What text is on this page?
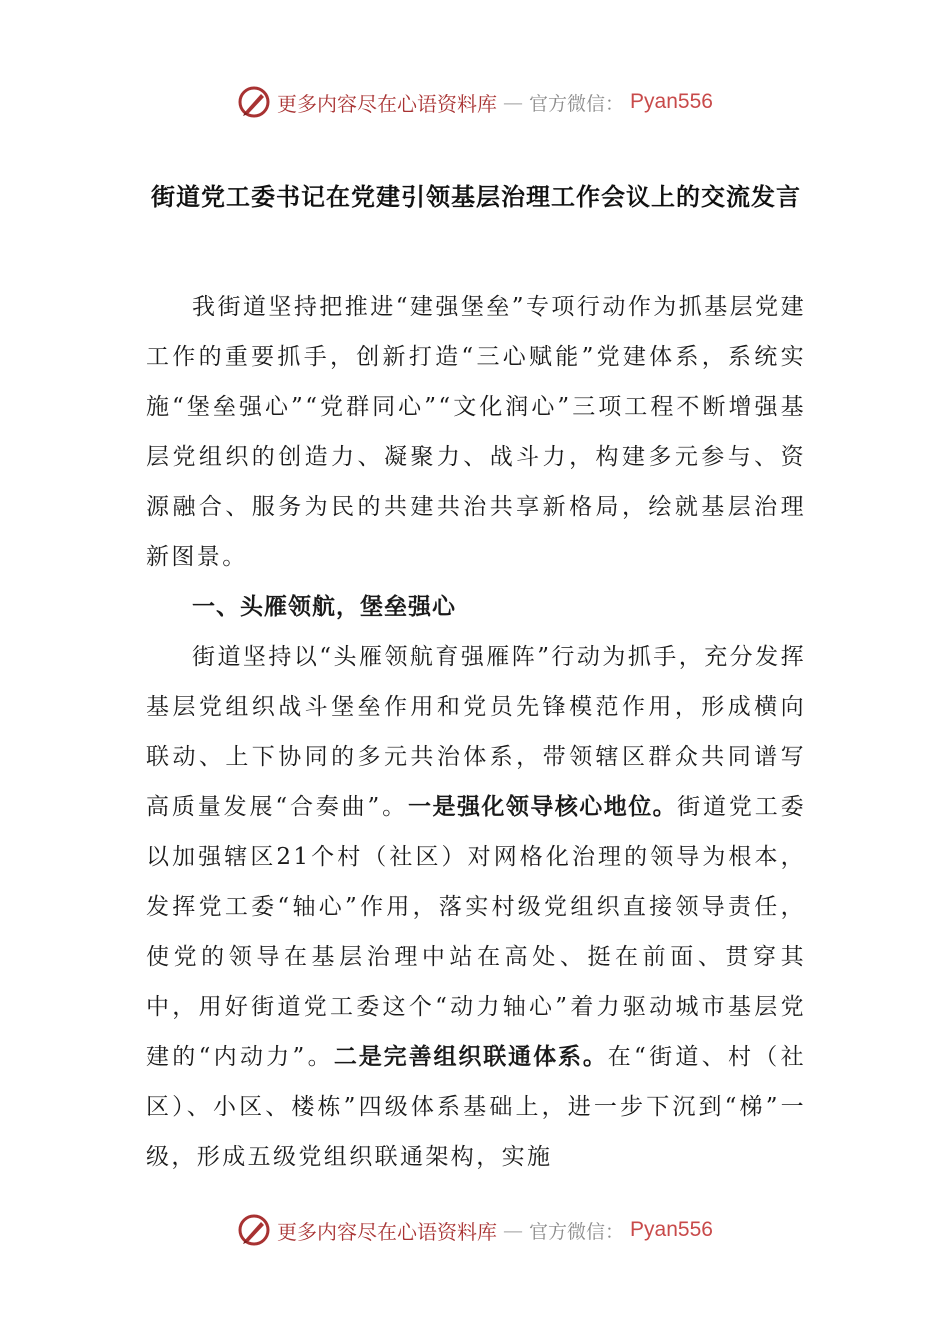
更多内容尽在心语资料库 — 官方微信： Pyan556
街道党工委书记在党建引领基层治理工作会议上的交流发言

我街道坚持把推进“建强堡垒”专项行动作为抓基层党建工作的重要抓手，创新打造“三心赋能”党建体系，系统实施“堡垒强心”“党群同心”“文化润心”三项工程不断增强基层党组织的创造力、凝聚力、战斗力，构建多元参与、资源融合、服务为民的共建共治共享新格局，绘就基层治理新图景。

一、头雁领航，堡垒强心

街道坚持以“头雁领航育强雁阵”行动为抓手，充分发挥基层党组织战斗堡垒作用和党员先锋模范作用，形成横向联动、上下协同的多元共治体系，带领辖区群众共同谱写高质量发展“合奏曲”。一是强化领导核心地位。街道党工委以加强辖区21个村（社区）对网格化治理的领导为根本，发挥党工委“轴心”作用，落实村级党组织直接领导责任，使党的领导在基层治理中站在高处、挺在前面、贯穿其中，用好街道党工委这个“动力轴心”着力驱动城市基层党建的“内动力”。二是完善组织联通体系。在“街道、村（社区）、小区、楼栋”四级体系基础上，进一步下沉到“梯”一级，形成五级党组织联通架构，实施

更多内容尽在心语资料库 — 官方微信： Pyan556
